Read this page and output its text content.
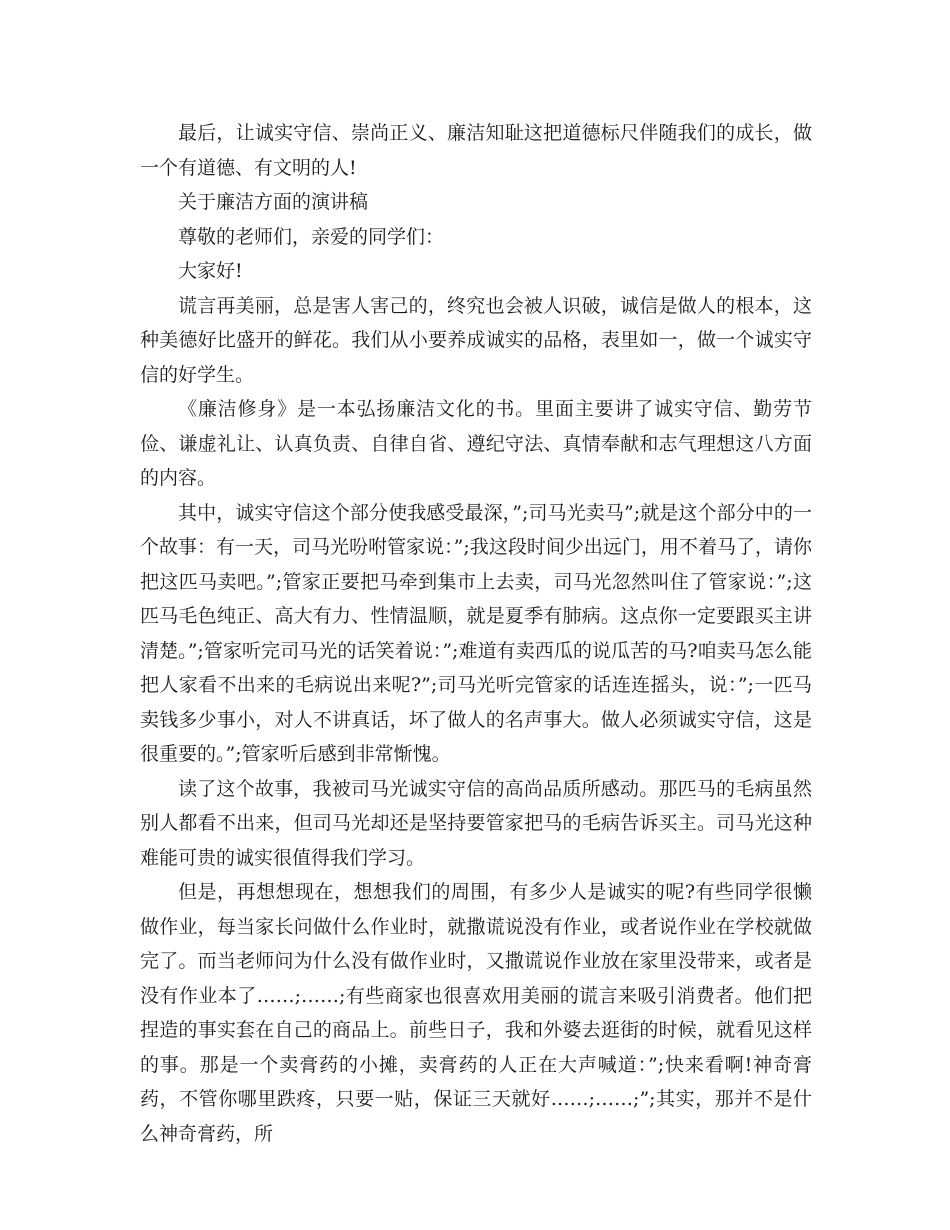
最后，让诚实守信、崇尚正义、廉洁知耻这把道德标尺伴随我们的成长，做一个有道德、有文明的人!

关于廉洁方面的演讲稿

尊敬的老师们，亲爱的同学们：

大家好!

谎言再美丽，总是害人害己的，终究也会被人识破，诚信是做人的根本，这种美德好比盛开的鲜花。我们从小要养成诚实的品格，表里如一，做一个诚实守信的好学生。

《廉洁修身》是一本弘扬廉洁文化的书。里面主要讲了诚实守信、勤劳节俭、谦虚礼让、认真负责、自律自省、遵纪守法、真情奉献和志气理想这八方面的内容。

其中，诚实守信这个部分使我感受最深，”;司马光卖马”;就是这个部分中的一个故事：有一天，司马光吩咐管家说：”;我这段时间少出远门，用不着马了，请你把这匹马卖吧。”;管家正要把马牵到集市上去卖，司马光忽然叫住了管家说：”;这匹马毛色纯正、高大有力、性情温顺，就是夏季有肺病。这点你一定要跟买主讲清楚。”;管家听完司马光的话笑着说：”;难道有卖西瓜的说瓜苦的马?咱卖马怎么能把人家看不出来的毛病说出来呢?”;司马光听完管家的话连连摇头，说：”;一匹马卖钱多少事小，对人不讲真话，坏了做人的名声事大。做人必须诚实守信，这是很重要的。”;管家听后感到非常惭愧。

读了这个故事，我被司马光诚实守信的高尚品质所感动。那匹马的毛病虽然别人都看不出来，但司马光却还是坚持要管家把马的毛病告诉买主。司马光这种难能可贵的诚实很值得我们学习。

但是，再想想现在，想想我们的周围，有多少人是诚实的呢?有些同学很懒做作业，每当家长问做什么作业时，就撒谎说没有作业，或者说作业在学校就做完了。而当老师问为什么没有做作业时，又撒谎说作业放在家里没带来，或者是没有作业本了……;……;有些商家也很喜欢用美丽的谎言来吸引消费者。他们把捏造的事实套在自己的商品上。前些日子，我和外婆去逛街的时候，就看见这样的事。那是一个卖膏药的小摊，卖膏药的人正在大声喊道：”;快来看啊!神奇膏药，不管你哪里跌疼，只要一贴，保证三天就好……;……;”;其实，那并不是什么神奇膏药，所
